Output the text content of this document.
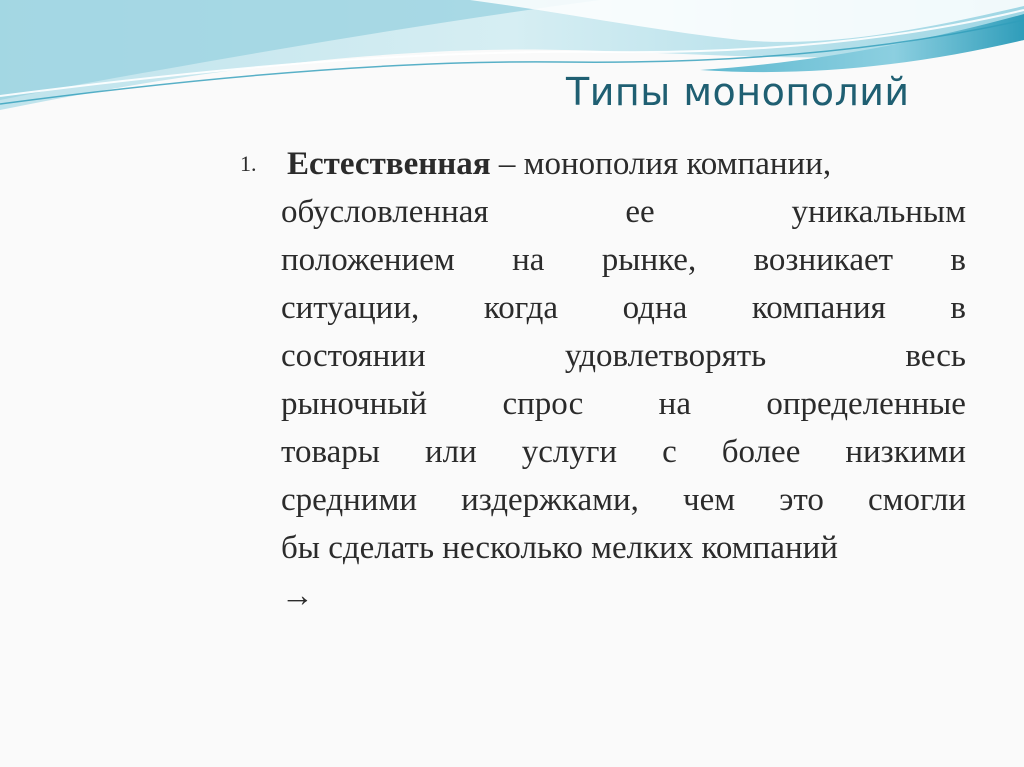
Типы монополий
1. Естественная – монополия компании,
обусловленная	ее	уникальным
положением на рынке, возникает в
ситуации, когда одна компания в
состоянии	удовлетворять	весь
рыночный спрос на определенные
товары или услуги с более низкими
средними издержками, чем это смогли
бы сделать несколько мелких компаний
→
